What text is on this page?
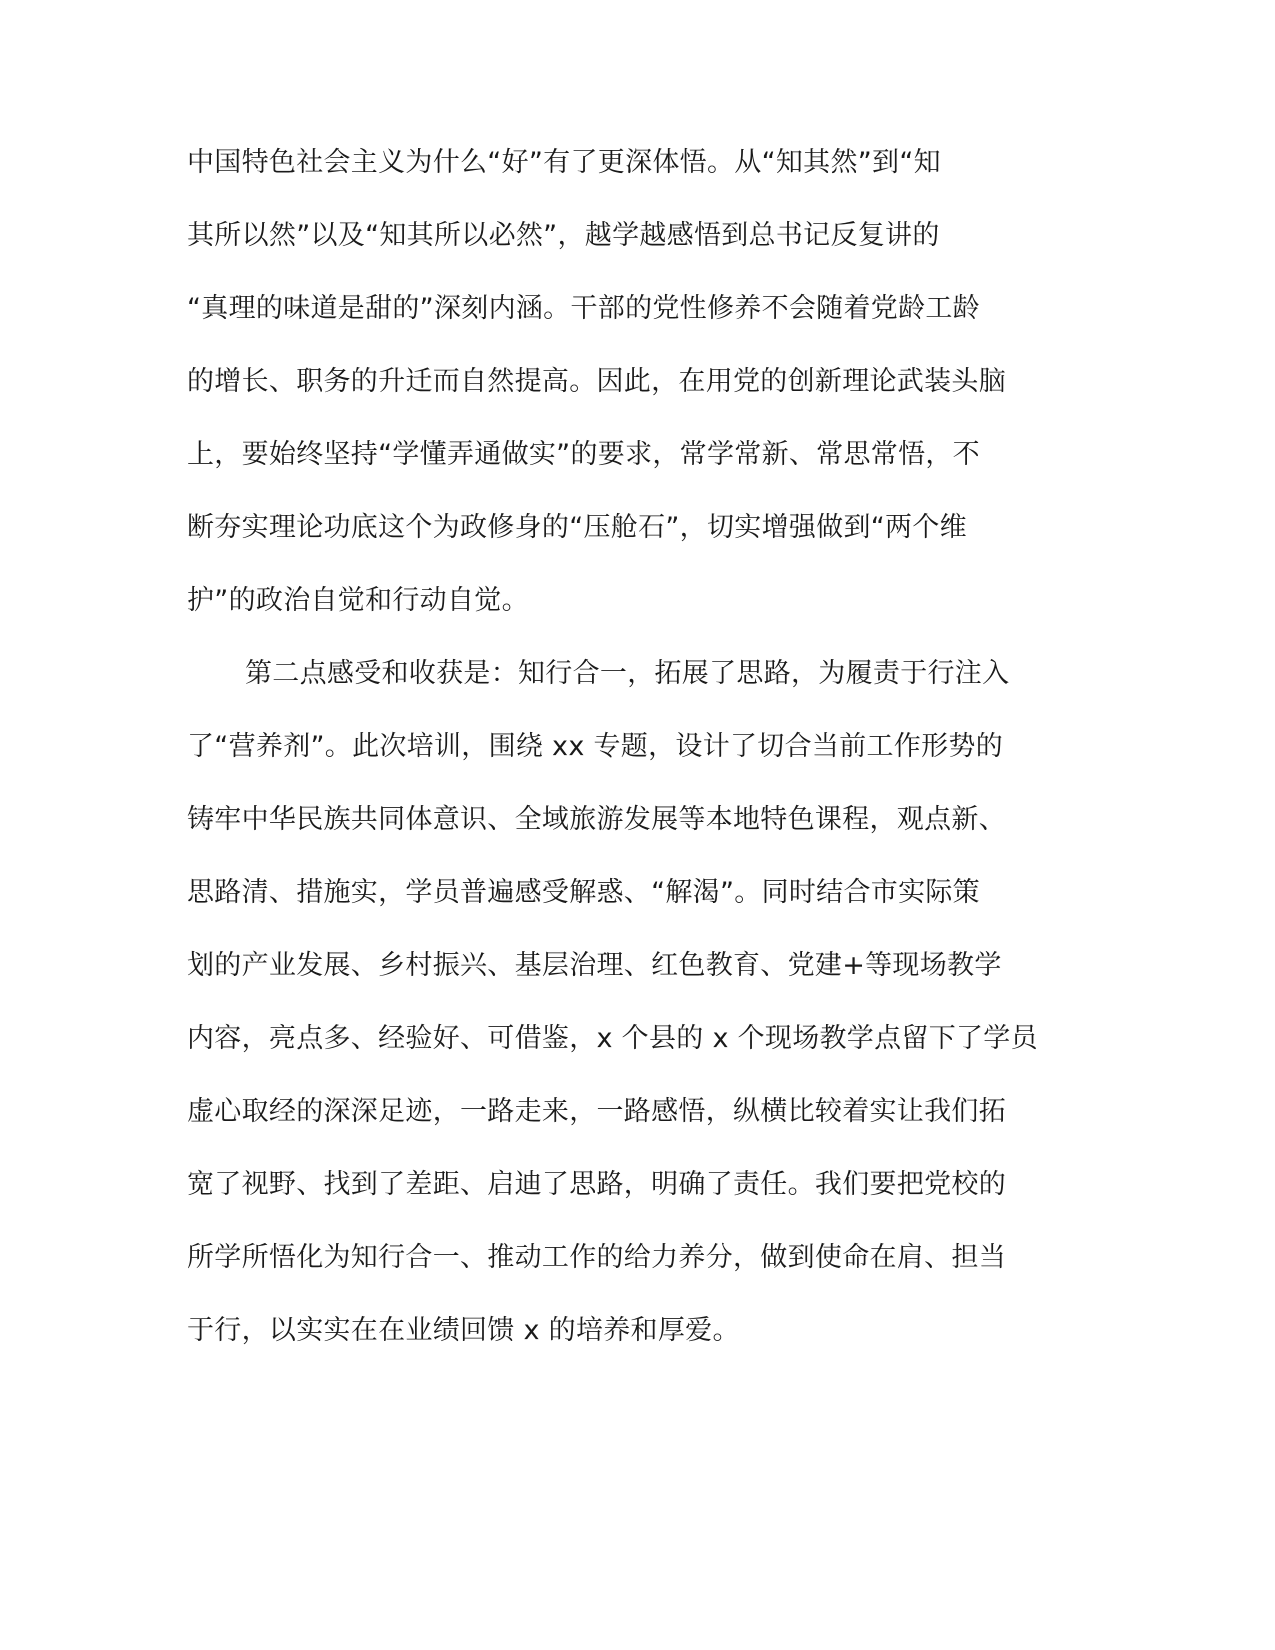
中国特色社会主义为什么“好”有了更深体悟。从“知其然”到“知
其所以然”以及“知其所以必然”，越学越感悟到总书记反复讲的
“真理的味道是甜的”深刻内涵。干部的党性修养不会随着党龄工龄
的增长、职务的升迁而自然提高。因此，在用党的创新理论武装头脑
上，要始终坚持“学懂弄通做实”的要求，常学常新、常思常悟，不
断夯实理论功底这个为政修身的“压舱石”，切实增强做到“两个维
护”的政治自觉和行动自觉。
第二点感受和收获是：知行合一，拓展了思路，为履责于行注入
了“营养剂”。此次培训，围绕 xx 专题，设计了切合当前工作形势的
铸牢中华民族共同体意识、全域旅游发展等本地特色课程，观点新、
思路清、措施实，学员普遍感受解惑、“解渴”。同时结合市实际策
划的产业发展、乡村振兴、基层治理、红色教育、党建+等现场教学
内容，亮点多、经验好、可借鉴，x 个县的 x 个现场教学点留下了学员
虚心取经的深深足迹，一路走来，一路感悟，纵横比较着实让我们拓
宽了视野、找到了差距、启迪了思路，明确了责任。我们要把党校的
所学所悟化为知行合一、推动工作的给力养分，做到使命在肩、担当
于行，以实实在在业绩回馈 x 的培养和厚爱。
